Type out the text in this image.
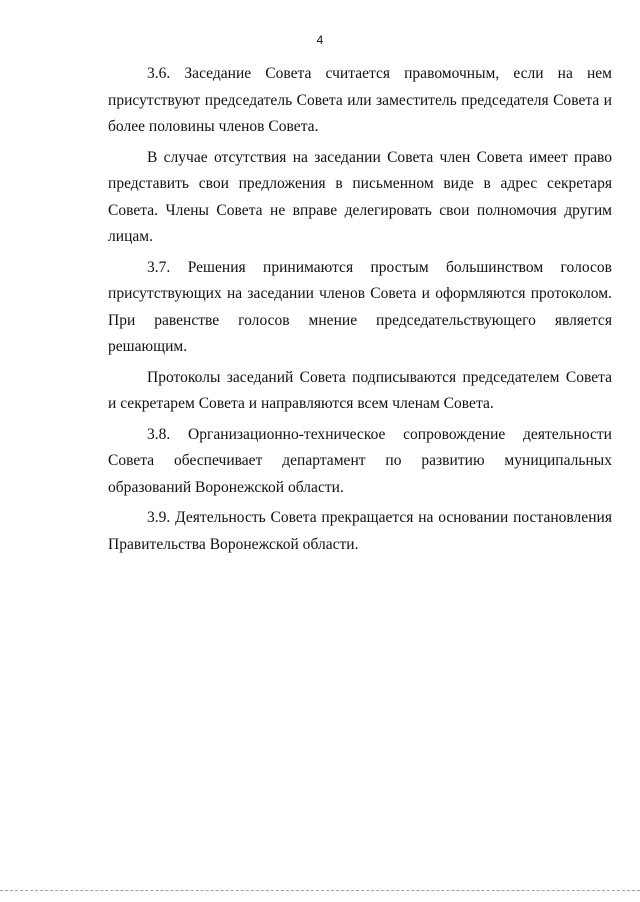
4

3.6. Заседание Совета считается правомочным, если на нем присутствуют председатель Совета или заместитель председателя Совета и более половины членов Совета.

В случае отсутствия на заседании Совета член Совета имеет право представить свои предложения в письменном виде в адрес секретаря Совета. Члены Совета не вправе делегировать свои полномочия другим лицам.

3.7. Решения принимаются простым большинством голосов присутствующих на заседании членов Совета и оформляются протоколом. При равенстве голосов мнение председательствующего является решающим.

Протоколы заседаний Совета подписываются председателем Совета и секретарем Совета и направляются всем членам Совета.

3.8. Организационно-техническое сопровождение деятельности Совета обеспечивает департамент по развитию муниципальных образований Воронежской области.

3.9. Деятельность Совета прекращается на основании постановления Правительства Воронежской области.
